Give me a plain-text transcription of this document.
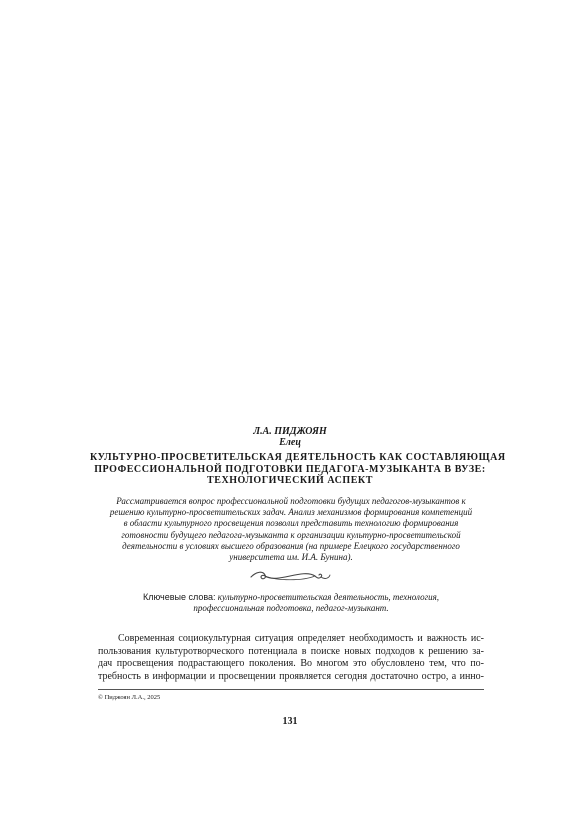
Л.А. ПИДЖОЯН
Елец
КУЛЬТУРНО-ПРОСВЕТИТЕЛЬСКАЯ ДЕЯТЕЛЬНОСТЬ КАК СОСТАВЛЯЮЩАЯ
ПРОФЕССИОНАЛЬНОЙ ПОДГОТОВКИ ПЕДАГОГА-МУЗЫКАНТА В ВУЗЕ:
ТЕХНОЛОГИЧЕСКИЙ АСПЕКТ
Рассматривается вопрос профессиональной подготовки будущих педагогов-музыкантов к
решению культурно-просветительских задач. Анализ механизмов формирования компетенций
в области культурного просвещения позволил представить технологию формирования
готовности будущего педагога-музыканта к организации культурно-просветительской
деятельности в условиях высшего образования (на примере Елецкого государственного
университета им. И.А. Бунина).
Ключевые слова: культурно-просветительская деятельность, технология,
профессиональная подготовка, педагог-музыкант.
Современная социокультурная ситуация определяет необходимость и важность ис-
пользования культуротворческого потенциала в поиске новых подходов к решению за-
дач просвещения подрастающего поколения. Во многом это обусловлено тем, что по-
требность в информации и просвещении проявляется сегодня достаточно остро, а инно-
© Пиджоян Л.А., 2025
131
